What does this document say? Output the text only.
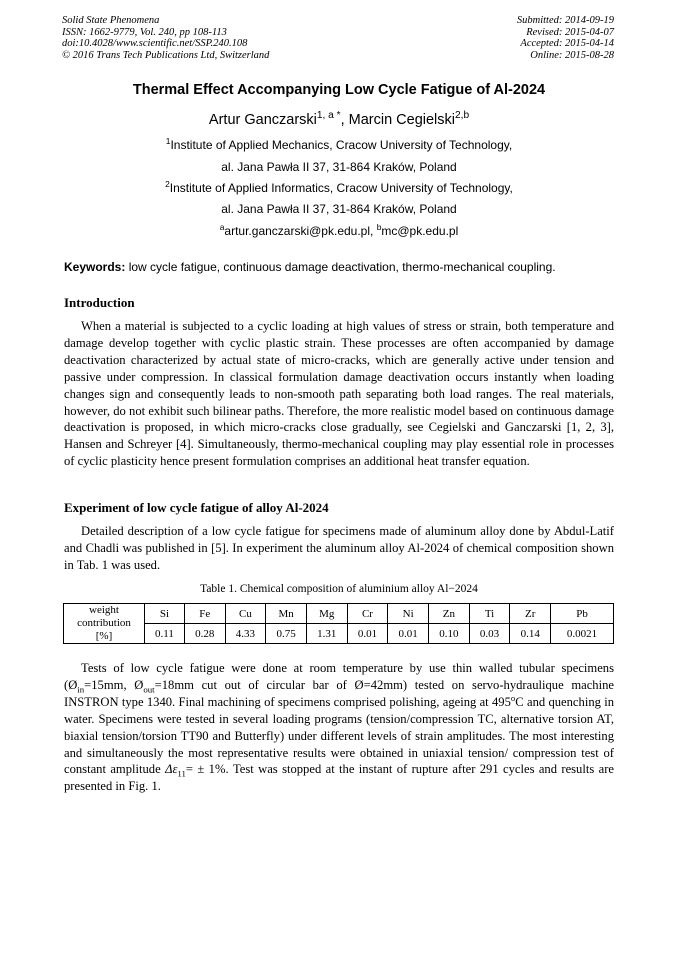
Solid State Phenomena
ISSN: 1662-9779, Vol. 240, pp 108-113
doi:10.4028/www.scientific.net/SSP.240.108
© 2016 Trans Tech Publications Ltd, Switzerland
Submitted: 2014-09-19
Revised: 2015-04-07
Accepted: 2015-04-14
Online: 2015-08-28
Thermal Effect Accompanying Low Cycle Fatigue of Al-2024
Artur Ganczarski$^{1, a *}$, Marcin Cegielski$^{2,b}$
$^1$Institute of Applied Mechanics, Cracow University of Technology,
al. Jana Pawła II 37, 31-864 Kraków, Poland
$^2$Institute of Applied Informatics, Cracow University of Technology,
al. Jana Pawła II 37, 31-864 Kraków, Poland
$^a$artur.ganczarski@pk.edu.pl, $^b$mc@pk.edu.pl
Keywords: low cycle fatigue, continuous damage deactivation, thermo-mechanical coupling.
Introduction

When a material is subjected to a cyclic loading at high values of stress or strain, both temperature and damage develop together with cyclic plastic strain. These processes are often accompanied by damage deactivation characterized by actual state of micro-cracks, which are generally active under tension and passive under compression. In classical formulation damage deactivation occurs instantly when loading changes sign and consequently leads to non-smooth path separating both load ranges. The real materials, however, do not exhibit such bilinear paths. Therefore, the more realistic model based on continuous damage deactivation is proposed, in which micro-cracks close gradually, see Cegielski and Ganczarski [1, 2, 3], Hansen and Schreyer [4]. Simultaneously, thermo-mechanical coupling may play essential role in processes of cyclic plasticity hence present formulation comprises an additional heat transfer equation.

Experiment of low cycle fatigue of alloy Al-2024

Detailed description of a low cycle fatigue for specimens made of aluminum alloy done by Abdul-Latif and Chadli was published in [5]. In experiment the aluminum alloy Al-2024 of chemical composition shown in Tab. 1 was used.

Table 1. Chemical composition of aluminium alloy Al−2024
weight
contribution
[%]	Si	Fe	Cu	Mn	Mg	Cr	Ni	Zn	Ti	Zr	Pb
	0.11	0.28	4.33	0.75	1.31	0.01	0.01	0.10	0.03	0.14	0.0021

Tests of low cycle fatigue were done at room temperature by use thin walled tubular specimens ($Ø_{in}=15mm$, $Ø_{out}=18mm$ cut out of circular bar of Ø=42mm) tested on servo-hydraulique machine INSTRON type 1340. Final machining of specimens comprised polishing, ageing at 495$^o$C and quenching in water. Specimens were tested in several loading programs (tension/compression TC, alternative torsion AT, biaxial tension/torsion TT90 and Butterfly) under different levels of strain amplitudes. The most interesting and simultaneously the most representative results were obtained in uniaxial tension/ compression test of constant amplitude $\Delta\varepsilon_{11}= \pm 1\%$. Test was stopped at the instant of rupture after 291 cycles and results are presented in Fig. 1.
